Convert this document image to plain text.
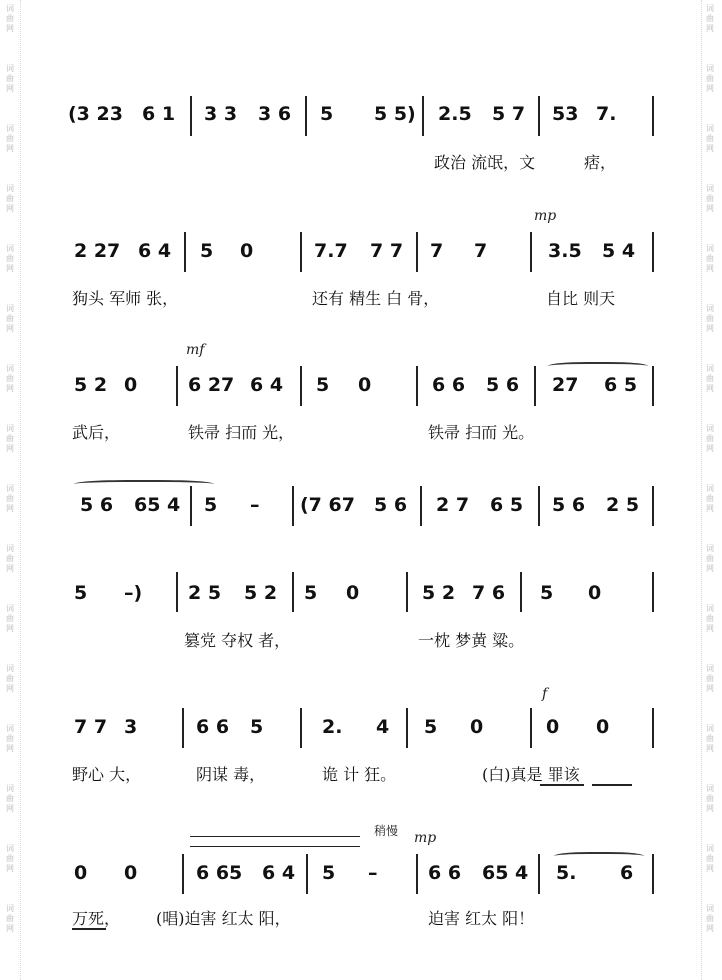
词
曲
网
词
曲
网
词
曲
网
词
曲
网
词
曲
网
词
曲
网
词
曲
网
词
曲
网
词
曲
网
词
曲
网
词
曲
网
词
曲
网
词
曲
网
词
曲
网
词
曲
网
词
曲
网
词
曲
网
词
曲
网
词
曲
网
词
曲
网
词
曲
网
词
曲
网
词
曲
网
词
曲
网
词
曲
网
词
曲
网
词
曲
网
词
曲
网
词
曲
网
词
曲
网
词
曲
网
词
曲
网
(3 23 6 1 3 3 3 6 5 5 5) 2.5 5 7 53 7.
政治 流氓，文	痞，
mp
2 27 6 4 5 0	7.7 7 7 7 7	3.5 5 4
狗头 军师 张，	还有 精生 白 骨，	自比 则天
mf
5 2 0	6 27 6 4 5 0	6 6 5 6 27 6 5
武后，	铁帚 扫而 光，	铁帚 扫而 光。
5 6 65 4 5 – (7 67 5 6 2 7 6 5 5 6 2 5
5 –) 2 5 5 2 5 0	5 2 7 6 5 0
篡党 夺权 者，	一枕 梦黄 粱。
f
7 7 3	6 6 5	2. 4 5 0	0 0
野心 大，	阴谋 毒，	诡 计 狂。	(白)真是 罪该
稍慢 mp
0 0	6 65 6 4 5 –	6 6 65 4 5. 6
万死， (唱)迫害 红太 阳，	迫害 红太 阳！
